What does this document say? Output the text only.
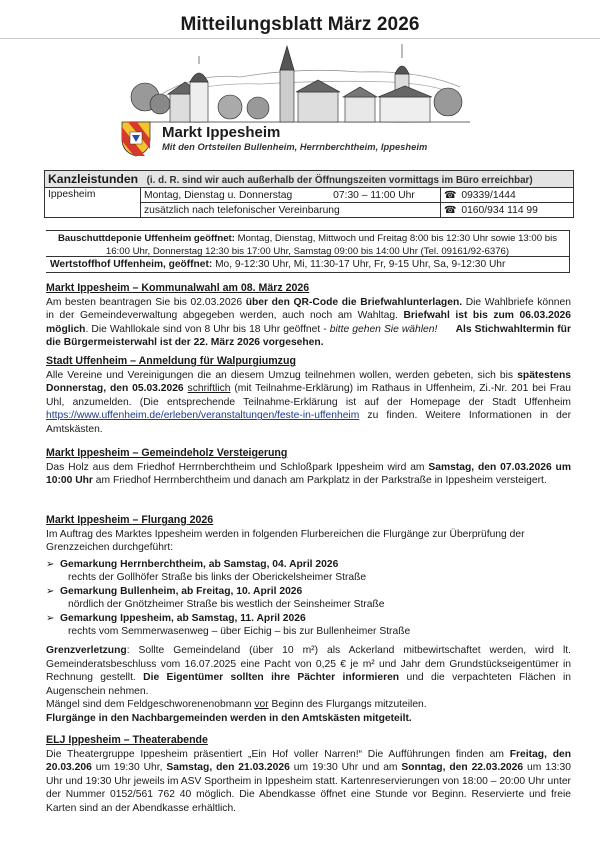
Mitteilungsblatt März 2026
Markt Ippesheim
Mit den Ortsteilen Bullenheim, Herrnberchtheim, Ippesheim
Kanzleistunden (i. d. R. sind wir auch außerhalb der Öffnungszeiten vormittags im Büro erreichbar)		
Ippesheim	Montag, Dienstag u. Donnerstag 07:30 – 11:00 Uhr	☎ 09339/1444
	zusätzlich nach telefonischer Vereinbarung	☎ 0160/934 114 99
Bauschuttdeponie Uffenheim geöffnet: Montag, Dienstag, Mittwoch und Freitag 8:00 bis 12:30 Uhr sowie 13:00 bis 16:00 Uhr, Donnerstag 12:30 bis 17:00 Uhr, Samstag 09:00 bis 14:00 Uhr (Tel. 09161/92-6376)
Wertstoffhof Uffenheim, geöffnet: Mo, 9-12:30 Uhr, Mi, 11:30-17 Uhr, Fr, 9-15 Uhr, Sa, 9-12:30 Uhr
Markt Ippesheim – Kommunalwahl am 08. März 2026

Am besten beantragen Sie bis 02.03.2026 über den QR-Code die Briefwahlunterlagen. Die Wahlbriefe können in der Gemeindeverwaltung abgegeben werden, auch noch am Wahltag. Briefwahl ist bis zum 06.03.2026 möglich. Die Wahllokale sind von 8 Uhr bis 18 Uhr geöffnet - bitte gehen Sie wählen! Als Stichwahltermin für die Bürgermeisterwahl ist der 22. März 2026 vorgesehen.

Stadt Uffenheim – Anmeldung für Walpurgiumzug

Alle Vereine und Vereinigungen die an diesem Umzug teilnehmen wollen, werden gebeten, sich bis spätestens Donnerstag, den 05.03.2026 schriftlich (mit Teilnahme-Erklärung) im Rathaus in Uffenheim, Zi.-Nr. 201 bei Frau Uhl, anzumelden. (Die entsprechende Teilnahme-Erklärung ist auf der Homepage der Stadt Uffenheim https://www.uffenheim.de/erleben/veranstaltungen/feste-in-uffenheim zu finden. Weitere Informationen in der Amtskästen.

Markt Ippesheim – Gemeindeholz Versteigerung

Das Holz aus dem Friedhof Herrnberchtheim und Schloßpark Ippesheim wird am Samstag, den 07.03.2026 um 10:00 Uhr am Friedhof Herrnberchtheim und danach am Parkplatz in der Parkstraße in Ippesheim versteigert.

Markt Ippesheim – Flurgang 2026

Im Auftrag des Marktes Ippesheim werden in folgenden Flurbereichen die Flurgänge zur Überprüfung der Grenzzeichen durchgeführt:

➢ Gemarkung Herrnberchtheim, ab Samstag, 04. April 2026
rechts der Gollhöfer Straße bis links der Oberickelsheimer Straße
➢ Gemarkung Bullenheim, ab Freitag, 10. April 2026
nördlich der Gnötzheimer Straße bis westlich der Seinsheimer Straße
➢ Gemarkung Ippesheim, ab Samstag, 11. April 2026
rechts vom Semmerwasenweg – über Eichig – bis zur Bullenheimer Straße

Grenzverletzung: Sollte Gemeindeland (über 10 m²) als Ackerland mitbewirtschaftet werden, wird lt. Gemeinderatsbeschluss vom 16.07.2025 eine Pacht von 0,25 € je m² und Jahr dem Grundstückseigentümer in Rechnung gestellt. Die Eigentümer sollten ihre Pächter informieren und die verpachteten Flächen in Augenschein nehmen.

Mängel sind dem Feldgeschworenenobmann vor Beginn des Flurgangs mitzuteilen.

Flurgänge in den Nachbargemeinden werden in den Amtskästen mitgeteilt.

ELJ Ippesheim – Theaterabende

Die Theatergruppe Ippesheim präsentiert „Ein Hof voller Narren!“ Die Aufführungen finden am Freitag, den 20.03.206 um 19:30 Uhr, Samstag, den 21.03.2026 um 19:30 Uhr und am Sonntag, den 22.03.2026 um 13:30 Uhr und 19:30 Uhr jeweils im ASV Sportheim in Ippesheim statt. Kartenreservierungen von 18:00 – 20:00 Uhr unter der Nummer 0152/561 762 40 möglich. Die Abendkasse öffnet eine Stunde vor Beginn. Reservierte und freie Karten sind an der Abendkasse erhältlich.
